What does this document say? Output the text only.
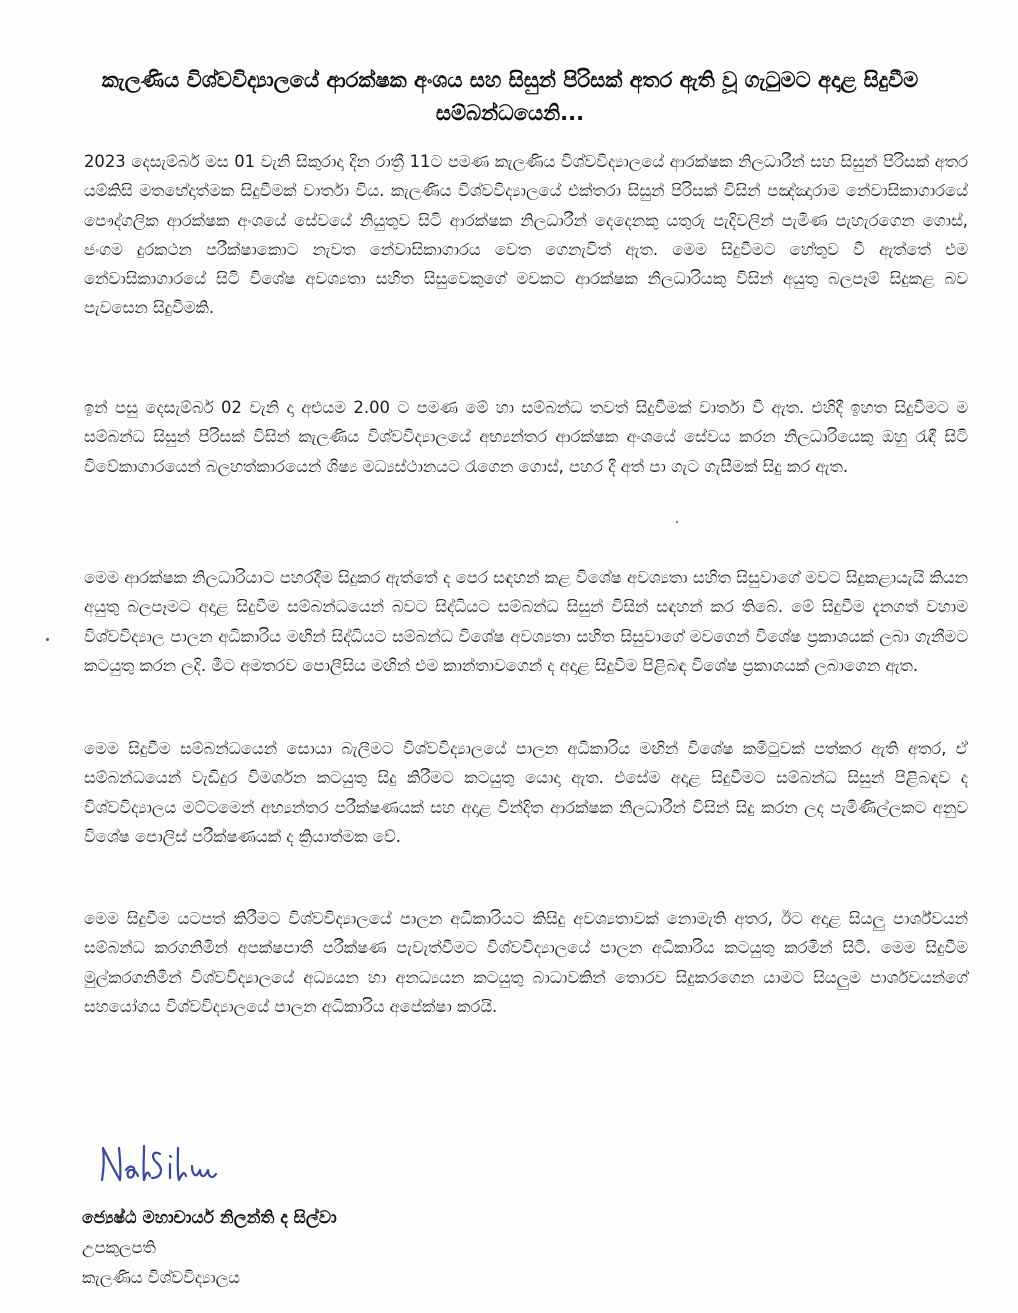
කැලණිය විශ්වවිද්‍යාලයේ ආරක්ෂක අංශය සහ සිසුන් පිරිසක් අතර ඇති වූ ගැටුමට අදාළ සිදුවීම සම්බන්ධයෙනි...

2023 දෙසැම්බර් මස 01 වැනි සිකුරාදා දින රාත්‍රී 11ට පමණ කැලණිය විශ්වවිද්‍යාලයේ ආරක්ෂක නිලධාරීන් සහ සිසුන් පිරිසක් අතර යම්කිසි මතභේදාත්මක සිදුවීමක් වාර්තා විය. කැලණිය විශ්වවිද්‍යාලයේ එක්තරා සිසුන් පිරිසක් විසින් පඤ්ඤාරාම නේවාසිකාගාරයේ පෞද්ගලික ආරක්ෂක අංශයේ සේවයේ නියුතුව සිටි ආරක්ෂක නිලධාරීන් දෙදෙනකු යතුරු පැදිවලින් පැමිණ පැහැරගෙන ගොස්, ජංගම දුරකථන පරීක්ෂාකොට නැවත නේවාසිකාගාරය වෙත ගෙනැවිත් ඇත. මෙම සිදුවීමට හේතුව වී ඇත්තේ එම නේවාසිකාගාරයේ සිටි විශේෂ අවශ්‍යතා සහිත සිසුවෙකුගේ මවකට ආරක්ෂක නිලධාරියකු විසින් අයුතු බලපෑම් සිදුකළ බව පැවසෙන සිදුවීමකි.

ඉන් පසු දෙසැම්බර් 02 වැනි දා අළුයම 2.00 ට පමණ මේ හා සම්බන්ධ තවත් සිදුවීමක් වාර්තා වී ඇත. එහිදී ඉහත සිදුවීමට ම සම්බන්ධ සිසුන් පිරිසක් විසින් කැලණිය විශ්වවිද්‍යාලයේ අභ්‍යන්තර ආරක්ෂක අංශයේ සේවය කරන නිලධාරියෙකු ඔහු රැඳී සිටි විවේකාගාරයෙන් බලහත්කාරයෙන් ශිෂ්‍ය මධ්‍යස්ථානයට රැගෙන ගොස්, පහර දී අත් පා ගැට ගැසීමක් සිදු කර ඇත.

මෙම ආරක්ෂක නිලධාරියාට පහරදීම සිදුකර ඇත්තේ ද පෙර සඳහන් කළ විශේෂ අවශ්‍යතා සහිත සිසුවාගේ මවට සිදුකළායැයි කියන අයුතු බලපෑමට අදාළ සිදුවීම සම්බන්ධයෙන් බවට සිද්ධියට සම්බන්ධ සිසුන් විසින් සඳහන් කර තිබේ. මේ සිදුවීම දැනගත් වහාම විශ්වවිද්‍යාල පාලන අධිකාරිය මඟින් සිද්ධියට සම්බන්ධ විශේෂ අවශ්‍යතා සහිත සිසුවාගේ මවගෙන් විශේෂ ප්‍රකාශයක් ලබා ගැනීමට කටයුතු කරන ලදි. මීට අමතරව පොලීසිය මඟින් එම කාන්තාවගෙන් ද අදාළ සිදුවීම පිළිබඳ විශේෂ ප්‍රකාශයක් ලබාගෙන ඇත.

මෙම සිදුවීම සම්බන්ධයෙන් සොයා බැලීමට විශ්වවිද්‍යාලයේ පාලන අධිකාරිය මඟින් විශේෂ කමිටුවක් පත්කර ඇති අතර, ඒ සම්බන්ධයෙන් වැඩිදුර විමර්ශන කටයුතු සිදු කිරීමට කටයුතු යොදා ඇත. එසේම අදාළ සිදුවීමට සම්බන්ධ සිසුන් පිළිබඳව ද විශ්වවිද්‍යාලය මට්ටමෙන් අභ්‍යන්තර පරීක්ෂණයක් සහ අදාළ වින්දිත ආරක්ෂක නිලධාරීන් විසින් සිදු කරන ලද පැමිණිල්ලකට අනුව විශේෂ පොලිස් පරීක්ෂණයක් ද ක්‍රියාත්මක වේ.

මෙම සිදුවීම යටපත් කිරීමට විශ්වවිද්‍යාලයේ පාලන අධිකාරියට කිසිදු අවශ්‍යතාවක් නොමැති අතර, ඊට අදාළ සියලු පාර්ශ්වයන් සම්බන්ධ කරගනිමින් අපක්ෂපාතී පරීක්ෂණ පැවැත්වීමට විශ්වවිද්‍යාලයේ පාලන අධිකාරිය කටයුතු කරමින් සිටී. මෙම සිදුවීම මුල්කරගනිමින් විශ්වවිද්‍යාලයේ අධ්‍යයන හා අනධ්‍යයන කටයුතු බාධාවකින් තොරව සිදුකරගෙන යාමට සියලුම පාර්ශවයන්ගේ සහයෝගය විශ්වවිද්‍යාලයේ පාලන අධිකාරිය අපේක්ෂා කරයි.

ජ්‍යෙෂ්ඨ මහාචාර්ය නිලන්ති ද සිල්වා
උපකුලපති
කැලණිය විශ්වවිද්‍යාලය
